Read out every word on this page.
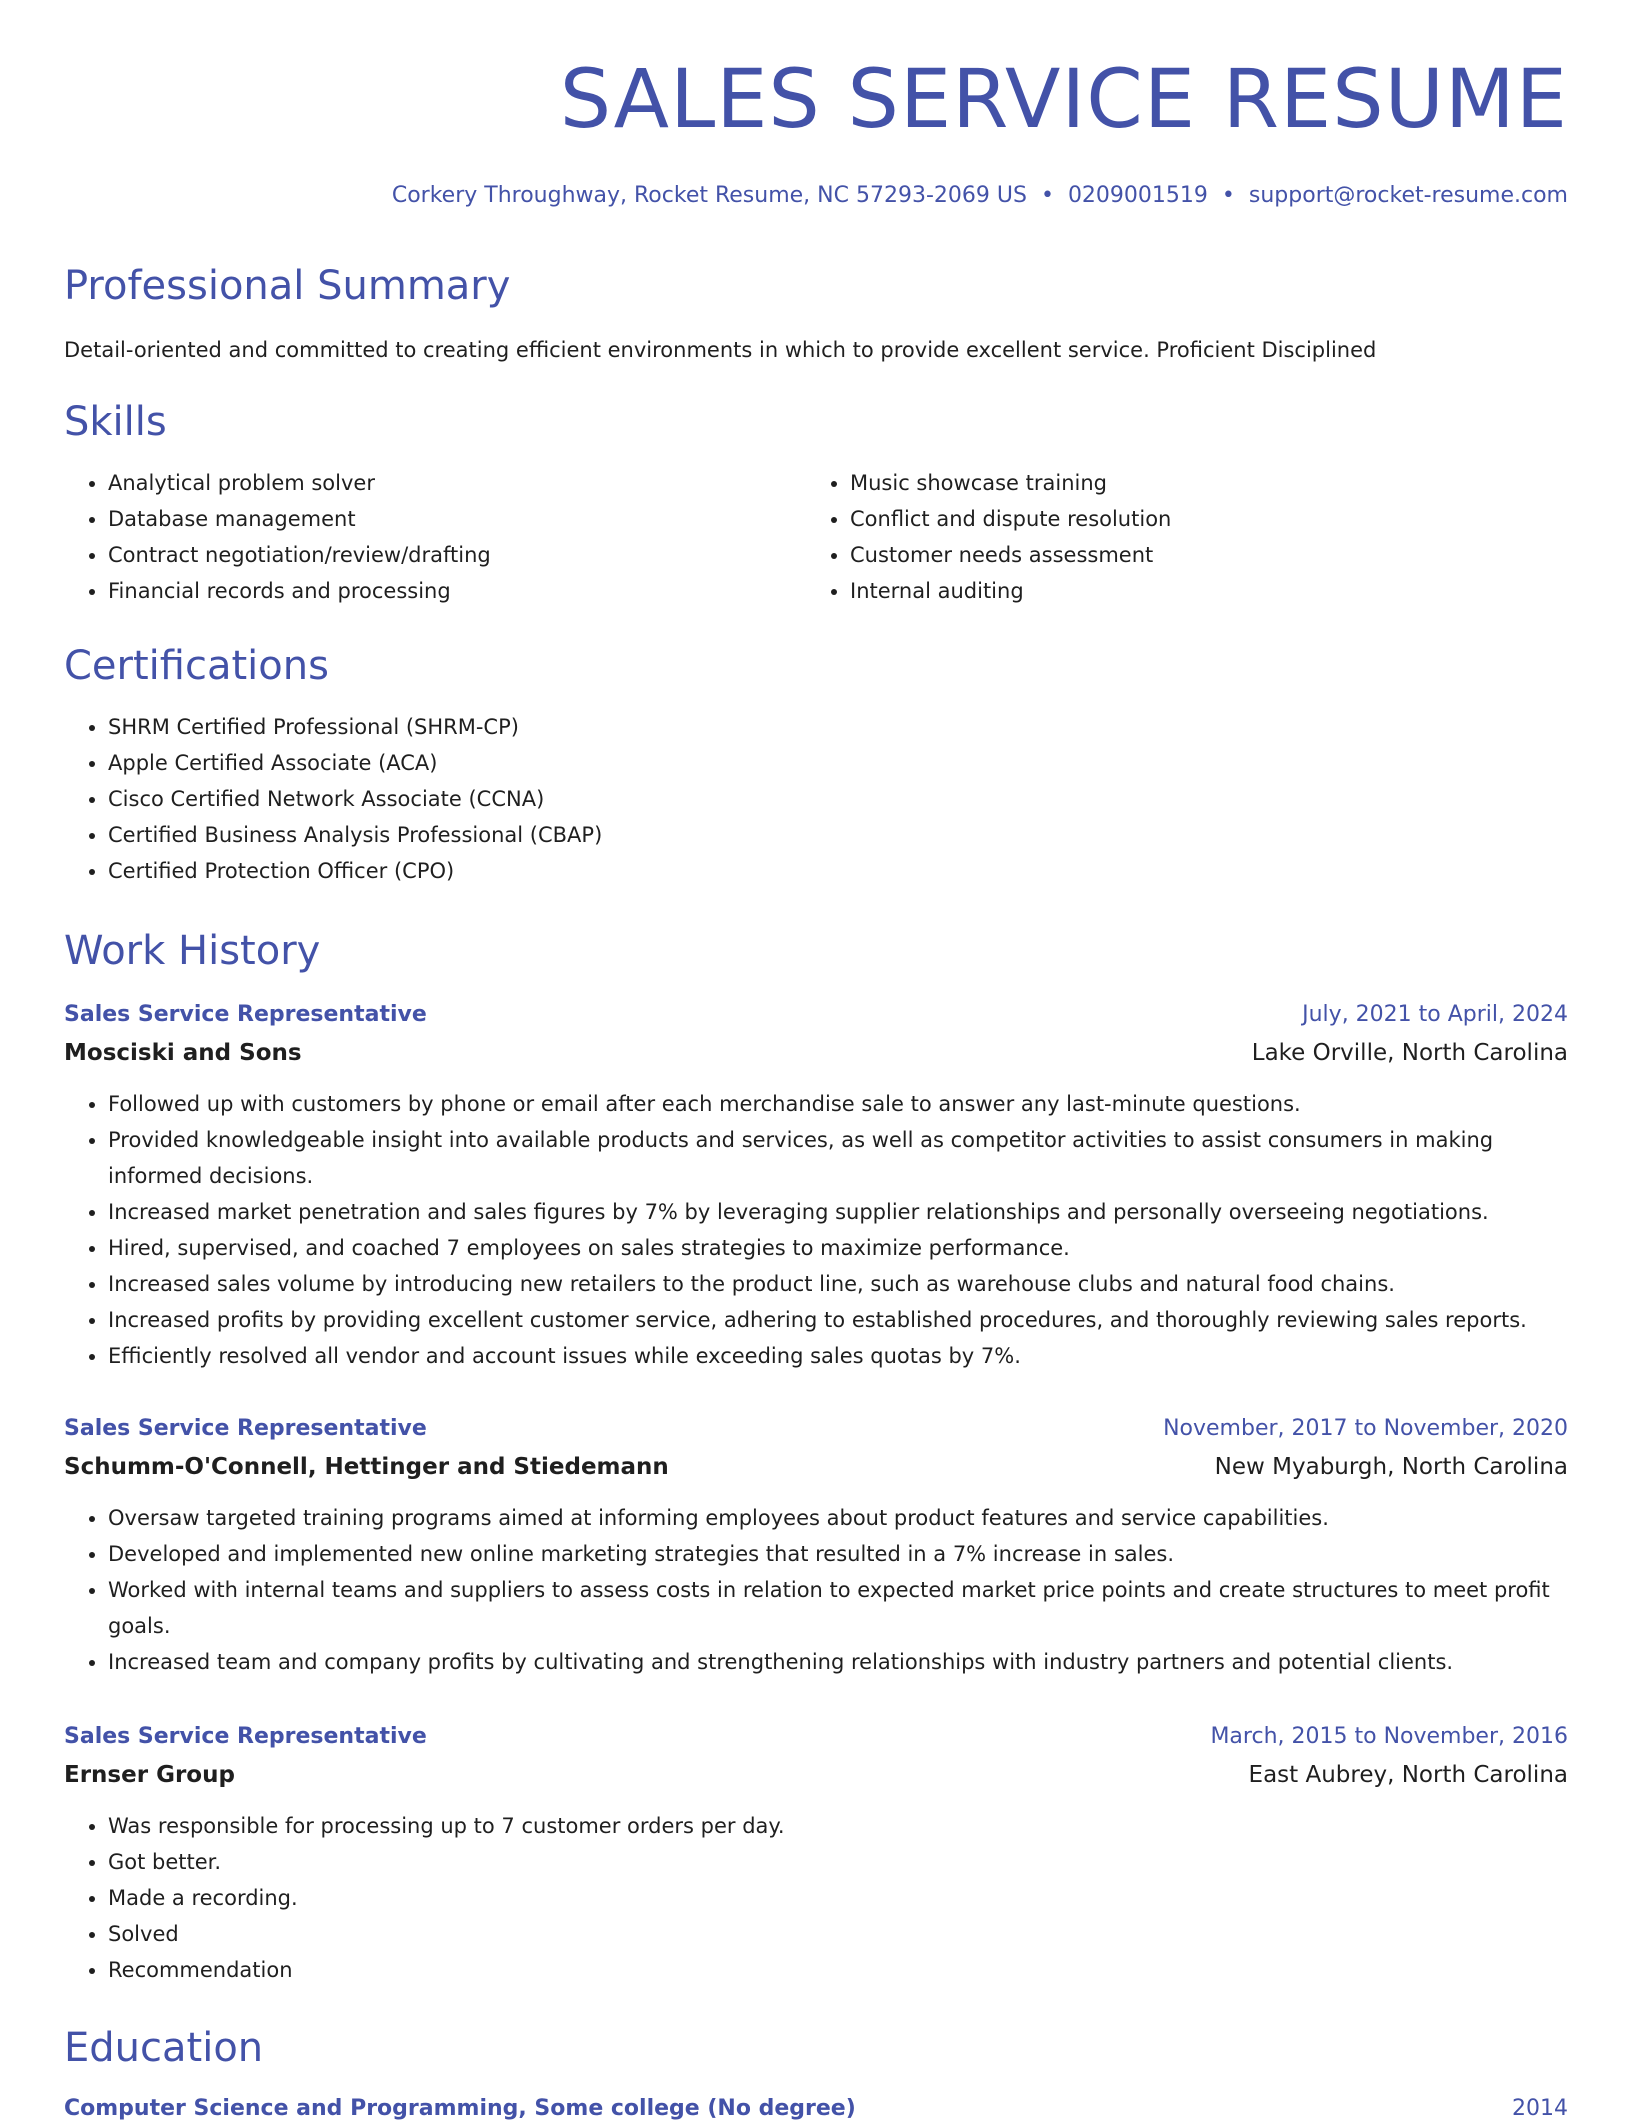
SALES SERVICE RESUME
Corkery Throughway, Rocket Resume, NC 57293-2069 US • 0209001519 • support@rocket-resume.com
Professional Summary
Detail-oriented and committed to creating efficient environments in which to provide excellent service. Proficient Disciplined
Skills
• Analytical problem solver
• Database management
• Contract negotiation/review/drafting
• Financial records and processing
• Music showcase training
• Conflict and dispute resolution
• Customer needs assessment
• Internal auditing
Certifications
• SHRM Certified Professional (SHRM-CP)
• Apple Certified Associate (ACA)
• Cisco Certified Network Associate (CCNA)
• Certified Business Analysis Professional (CBAP)
• Certified Protection Officer (CPO)
Work History
Sales Service Representative	July, 2021 to April, 2024
Mosciski and Sons	Lake Orville, North Carolina
• Followed up with customers by phone or email after each merchandise sale to answer any last-minute questions.
• Provided knowledgeable insight into available products and services, as well as competitor activities to assist consumers in making informed decisions.
• Increased market penetration and sales figures by 7% by leveraging supplier relationships and personally overseeing negotiations.
• Hired, supervised, and coached 7 employees on sales strategies to maximize performance.
• Increased sales volume by introducing new retailers to the product line, such as warehouse clubs and natural food chains.
• Increased profits by providing excellent customer service, adhering to established procedures, and thoroughly reviewing sales reports.
• Efficiently resolved all vendor and account issues while exceeding sales quotas by 7%.
Sales Service Representative	November, 2017 to November, 2020
Schumm-O'Connell, Hettinger and Stiedemann	New Myaburgh, North Carolina
• Oversaw targeted training programs aimed at informing employees about product features and service capabilities.
• Developed and implemented new online marketing strategies that resulted in a 7% increase in sales.
• Worked with internal teams and suppliers to assess costs in relation to expected market price points and create structures to meet profit goals.
• Increased team and company profits by cultivating and strengthening relationships with industry partners and potential clients.
Sales Service Representative	March, 2015 to November, 2016
Ernser Group	East Aubrey, North Carolina
• Was responsible for processing up to 7 customer orders per day.
• Got better.
• Made a recording.
• Solved
• Recommendation
Education
Computer Science and Programming, Some college (No degree)	2014
